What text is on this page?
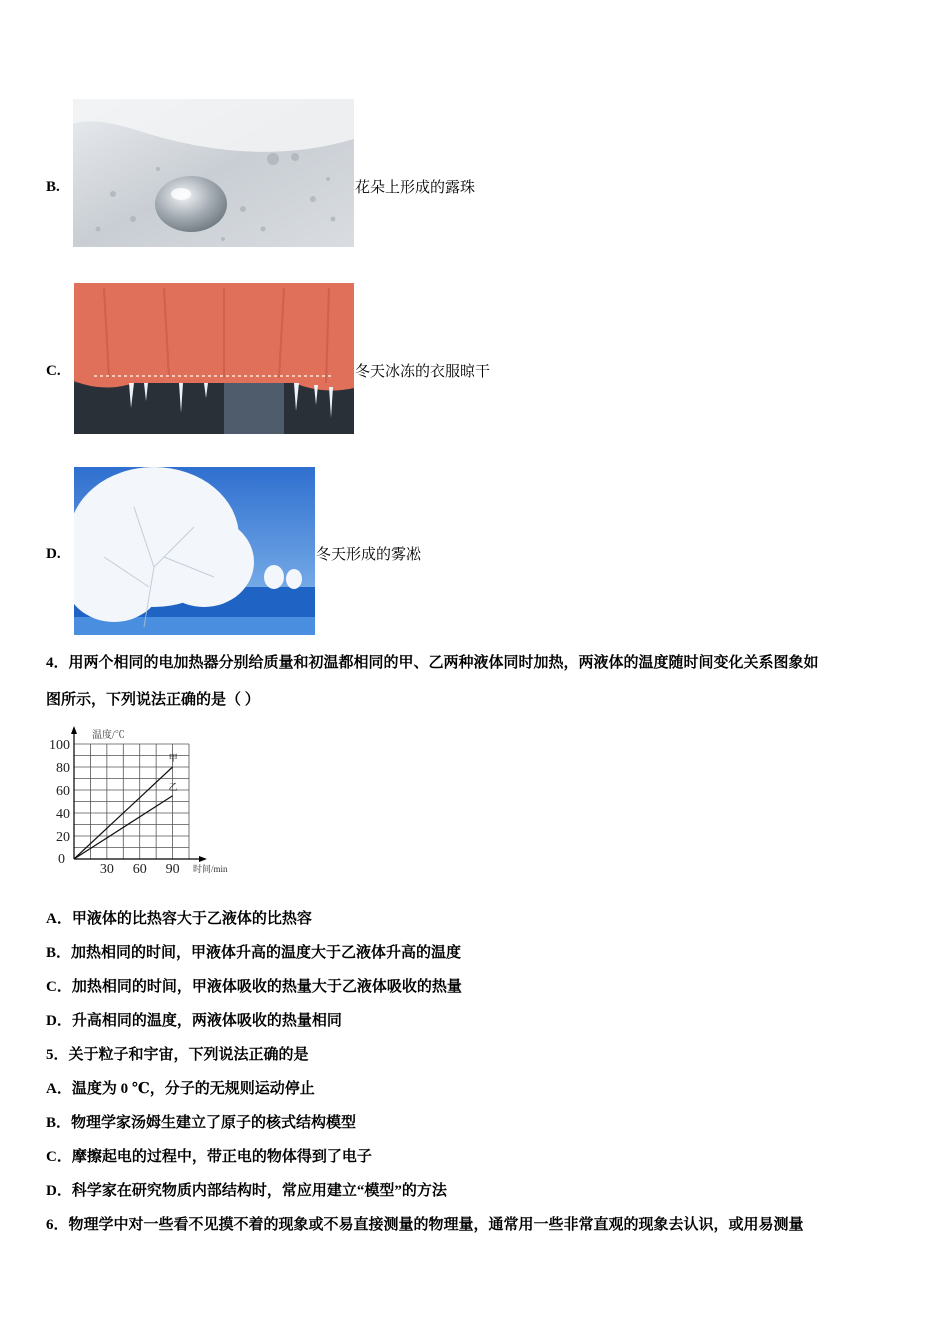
B.	花朵上形成的露珠
C.	冬天冰冻的衣服晾干
D.	冬天形成的雾凇
4．用两个相同的电加热器分别给质量和初温都相同的甲、乙两种液体同时加热，两液体的温度随时间变化关系图象如
图所示，下列说法正确的是（ ）
温度/℃
时间/min
0
20
40
60
80
100
30 60 90
甲
乙
A．甲液体的比热容大于乙液体的比热容
B．加热相同的时间，甲液体升高的温度大于乙液体升高的温度
C．加热相同的时间，甲液体吸收的热量大于乙液体吸收的热量
D．升高相同的温度，两液体吸收的热量相同
5．关于粒子和宇宙，下列说法正确的是
A．温度为 0 ℃，分子的无规则运动停止
B．物理学家汤姆生建立了原子的核式结构模型
C．摩擦起电的过程中，带正电的物体得到了电子
D．科学家在研究物质内部结构时，常应用建立“模型”的方法
6．物理学中对一些看不见摸不着的现象或不易直接测量的物理量，通常用一些非常直观的现象去认识，或用易测量
